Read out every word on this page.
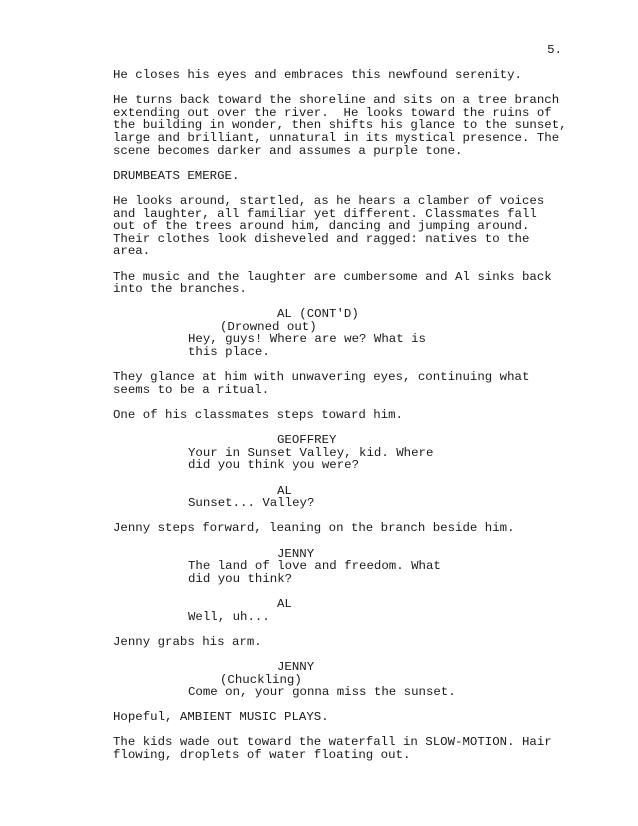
5.

He closes his eyes and embraces this newfound serenity.
He turns back toward the shoreline and sits on a tree branch
extending out over the river.  He looks toward the ruins of
the building in wonder, then shifts his glance to the sunset,
large and brilliant, unnatural in its mystical presence. The
scene becomes darker and assumes a purple tone.
DRUMBEATS EMERGE.
He looks around, startled, as he hears a clamber of voices
and laughter, all familiar yet different. Classmates fall
out of the trees around him, dancing and jumping around.
Their clothes look disheveled and ragged: natives to the
area.
The music and the laughter are cumbersome and Al sinks back
into the branches.
AL (CONT'D)
(Drowned out)
Hey, guys! Where are we? What is
this place.
They glance at him with unwavering eyes, continuing what
seems to be a ritual.
One of his classmates steps toward him.
GEOFFREY
Your in Sunset Valley, kid. Where
did you think you were?
AL
Sunset... Valley?
Jenny steps forward, leaning on the branch beside him.
JENNY
The land of love and freedom. What
did you think?
AL
Well, uh...
Jenny grabs his arm.
JENNY
(Chuckling)
Come on, your gonna miss the sunset.
Hopeful, AMBIENT MUSIC PLAYS.
The kids wade out toward the waterfall in SLOW-MOTION. Hair
flowing, droplets of water floating out.
